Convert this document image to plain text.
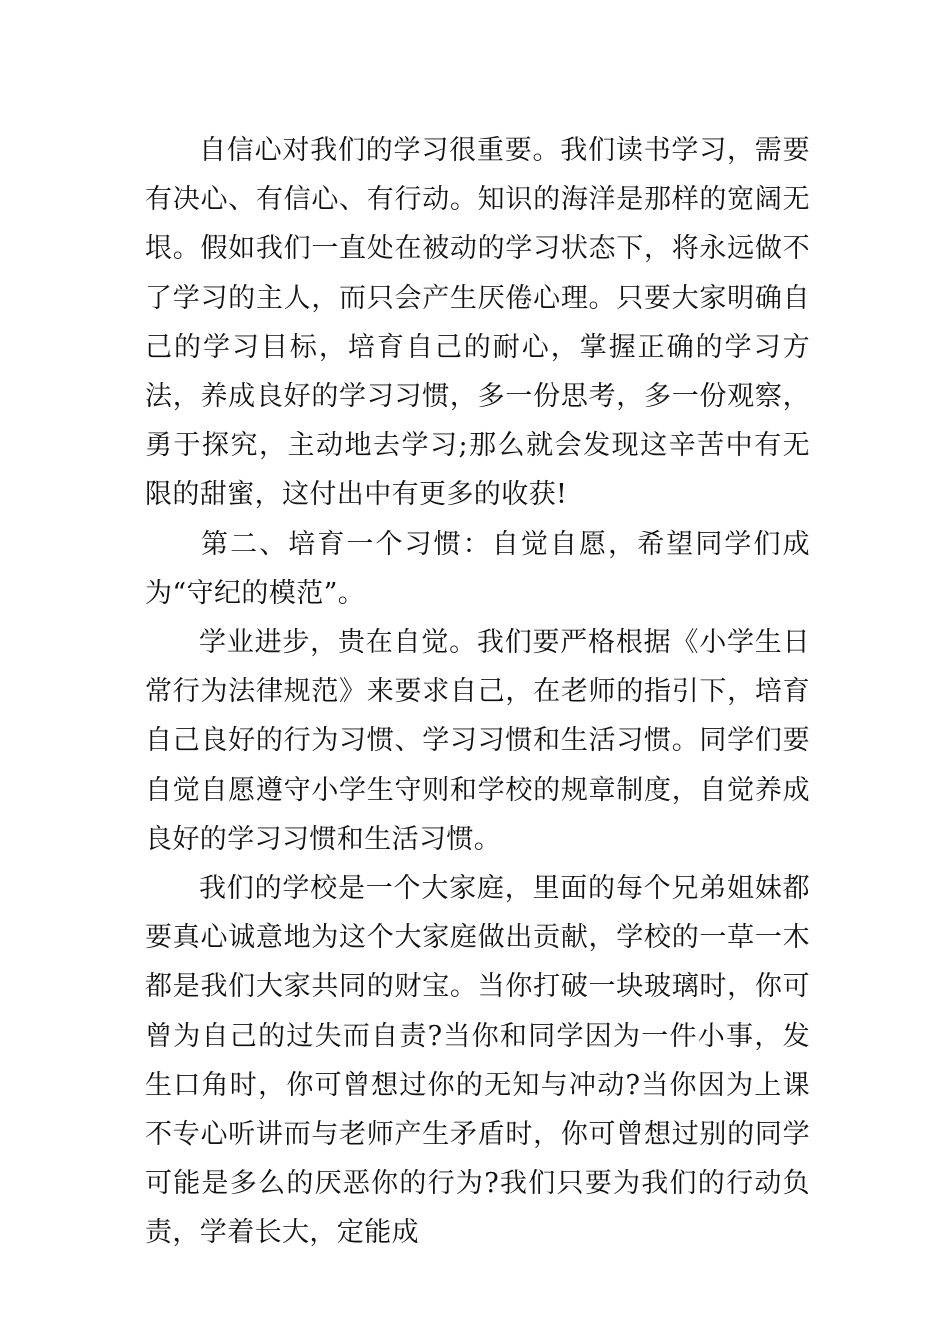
自信心对我们的学习很重要。我们读书学习，需要有决心、有信心、有行动。知识的海洋是那样的宽阔无垠。假如我们一直处在被动的学习状态下，将永远做不了学习的主人，而只会产生厌倦心理。只要大家明确自己的学习目标，培育自己的耐心，掌握正确的学习方法，养成良好的学习习惯，多一份思考，多一份观察，勇于探究，主动地去学习;那么就会发现这辛苦中有无限的甜蜜，这付出中有更多的收获!

第二、培育一个习惯：自觉自愿，希望同学们成为“守纪的模范”。

学业进步，贵在自觉。我们要严格根据《小学生日常行为法律规范》来要求自己，在老师的指引下，培育自己良好的行为习惯、学习习惯和生活习惯。同学们要自觉自愿遵守小学生守则和学校的规章制度，自觉养成良好的学习习惯和生活习惯。

我们的学校是一个大家庭，里面的每个兄弟姐妹都要真心诚意地为这个大家庭做出贡献，学校的一草一木都是我们大家共同的财宝。当你打破一块玻璃时，你可曾为自己的过失而自责?当你和同学因为一件小事，发生口角时，你可曾想过你的无知与冲动?当你因为上课不专心听讲而与老师产生矛盾时，你可曾想过别的同学可能是多么的厌恶你的行为?我们只要为我们的行动负责，学着长大，定能成
